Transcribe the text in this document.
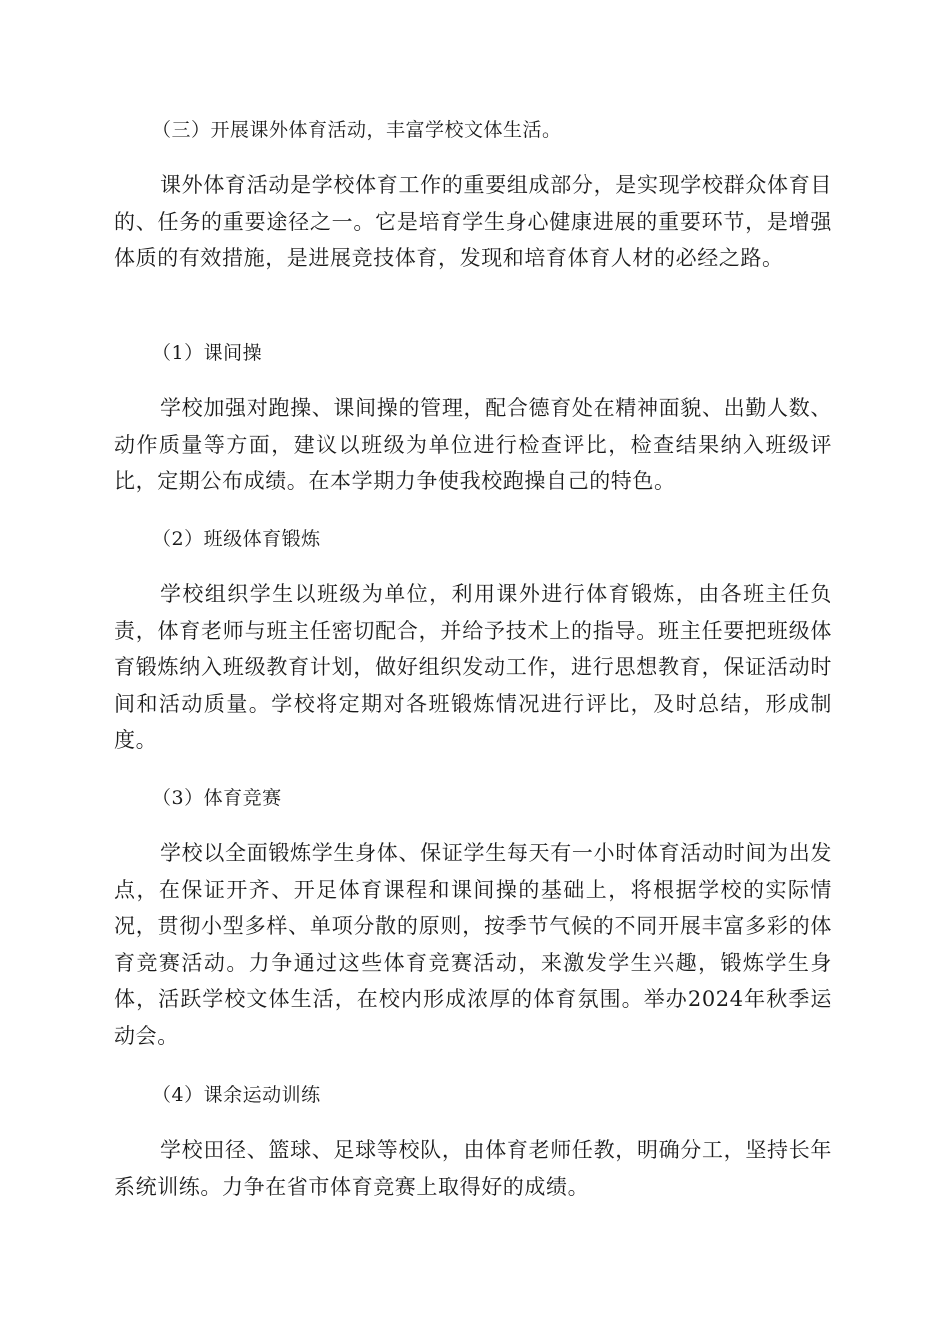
（三）开展课外体育活动，丰富学校文体生活。
课外体育活动是学校体育工作的重要组成部分，是实现学校群众体育目的、任务的重要途径之一。它是培育学生身心健康进展的重要环节，是增强体质的有效措施，是进展竞技体育，发现和培育体育人材的必经之路。
（1）课间操
学校加强对跑操、课间操的管理，配合德育处在精神面貌、出勤人数、动作质量等方面，建议以班级为单位进行检查评比，检查结果纳入班级评比，定期公布成绩。在本学期力争使我校跑操自己的特色。
（2）班级体育锻炼
学校组织学生以班级为单位，利用课外进行体育锻炼，由各班主任负责，体育老师与班主任密切配合，并给予技术上的指导。班主任要把班级体育锻炼纳入班级教育计划，做好组织发动工作，进行思想教育，保证活动时间和活动质量。学校将定期对各班锻炼情况进行评比，及时总结，形成制度。
（3）体育竞赛
学校以全面锻炼学生身体、保证学生每天有一小时体育活动时间为出发点，在保证开齐、开足体育课程和课间操的基础上，将根据学校的实际情况，贯彻小型多样、单项分散的原则，按季节气候的不同开展丰富多彩的体育竞赛活动。力争通过这些体育竞赛活动，来激发学生兴趣，锻炼学生身体，活跃学校文体生活，在校内形成浓厚的体育氛围。举办2024年秋季运动会。
（4）课余运动训练
学校田径、篮球、足球等校队，由体育老师任教，明确分工，坚持长年系统训练。力争在省市体育竞赛上取得好的成绩。
